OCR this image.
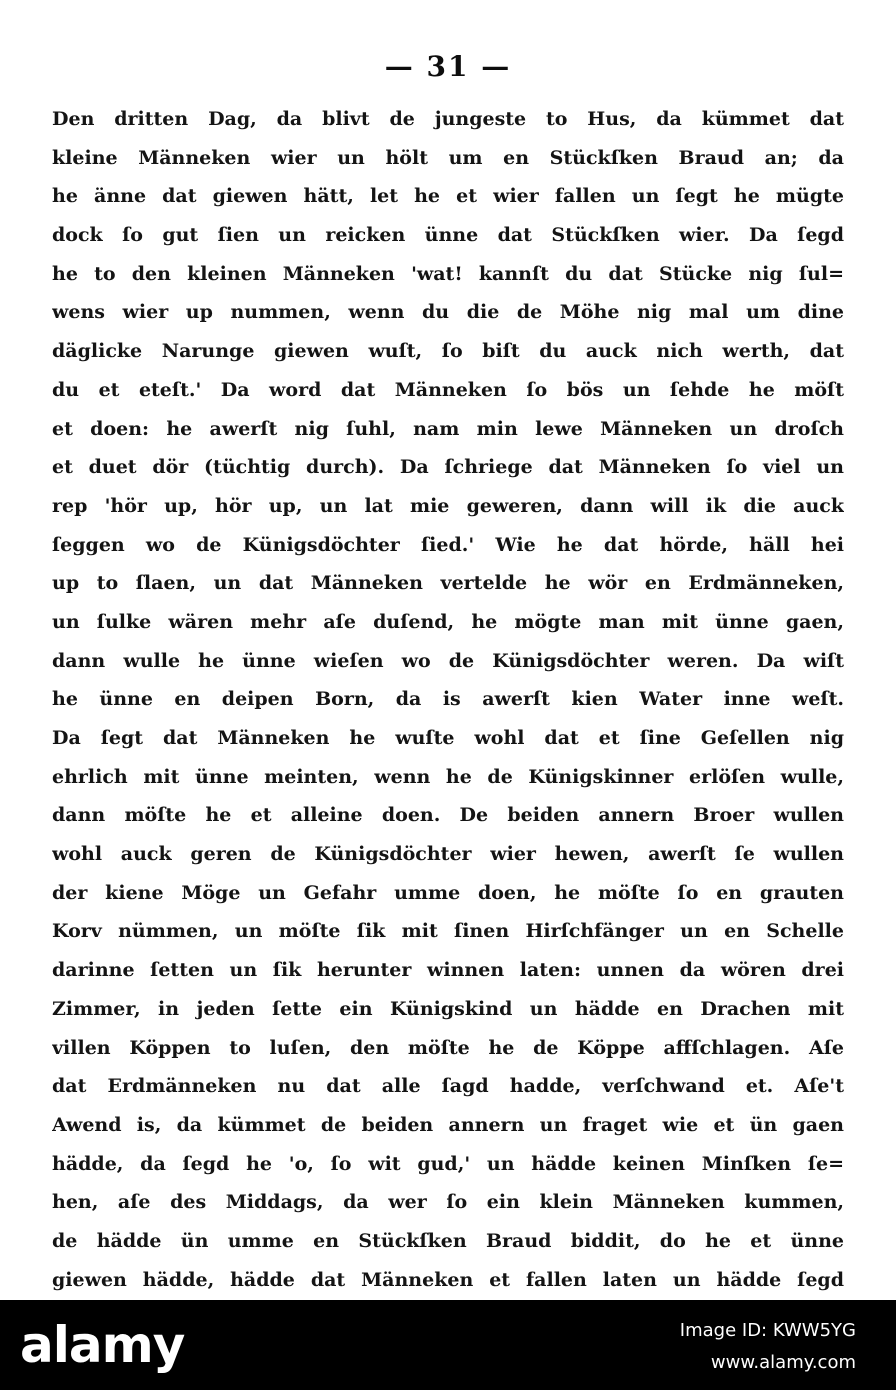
— 31 —
Den dritten Dag, da blivt de jungeste to Hus, da kümmet dat
kleine Männeken wier un hölt um en Stückſken Braud an; da
he änne dat giewen hätt, let he et wier fallen un ſegt he mügte
dock ſo gut ſien un reicken ünne dat Stückſken wier. Da ſegd
he to den kleinen Männeken 'wat! kannſt du dat Stücke nig ſul=
wens wier up nummen, wenn du die de Möhe nig mal um dine
däglicke Narunge giewen wuſt, ſo biſt du auck nich werth, dat
du et eteſt.' Da word dat Männeken ſo bös un ſehde he möſt
et doen: he awerſt nig ſuhl, nam min lewe Männeken un droſch
et duet dör (tüchtig durch). Da ſchriege dat Männeken ſo viel un
rep 'hör up, hör up, un lat mie geweren, dann will ik die auck
ſeggen wo de Künigsdöchter ſied.' Wie he dat hörde, häll hei
up to ſlaen, un dat Männeken vertelde he wör en Erdmänneken,
un ſulke wären mehr aſe duſend, he mögte man mit ünne gaen,
dann wulle he ünne wieſen wo de Künigsdöchter weren. Da wiſt
he ünne en deipen Born, da is awerſt kien Water inne weſt.
Da ſegt dat Männeken he wuſte wohl dat et ſine Geſellen nig
ehrlich mit ünne meinten, wenn he de Künigskinner erlöſen wulle,
dann möſte he et alleine doen. De beiden annern Broer wullen
wohl auck geren de Künigsdöchter wier hewen, awerſt ſe wullen
der kiene Möge un Gefahr umme doen, he möſte ſo en grauten
Korv nümmen, un möſte ſik mit ſinen Hirſchfänger un en Schelle
darinne ſetten un ſik herunter winnen laten: unnen da wören drei
Zimmer, in jeden ſette ein Künigskind un hädde en Drachen mit
villen Köppen to luſen, den möſte he de Köppe affſchlagen. Aſe
dat Erdmänneken nu dat alle ſagd hadde, verſchwand et. Aſe't
Awend is, da kümmet de beiden annern un fraget wie et ün gaen
hädde, da ſegd he 'o, ſo wit gud,' un hädde keinen Minſken ſe=
hen, aſe des Middags, da wer ſo ein klein Männeken kummen,
de hädde ün umme en Stückſken Braud biddit, do he et ünne
giewen hädde, hädde dat Männeken et fallen laten un hädde ſegd
alamy	Image ID: KWW5YG
www.alamy.com
